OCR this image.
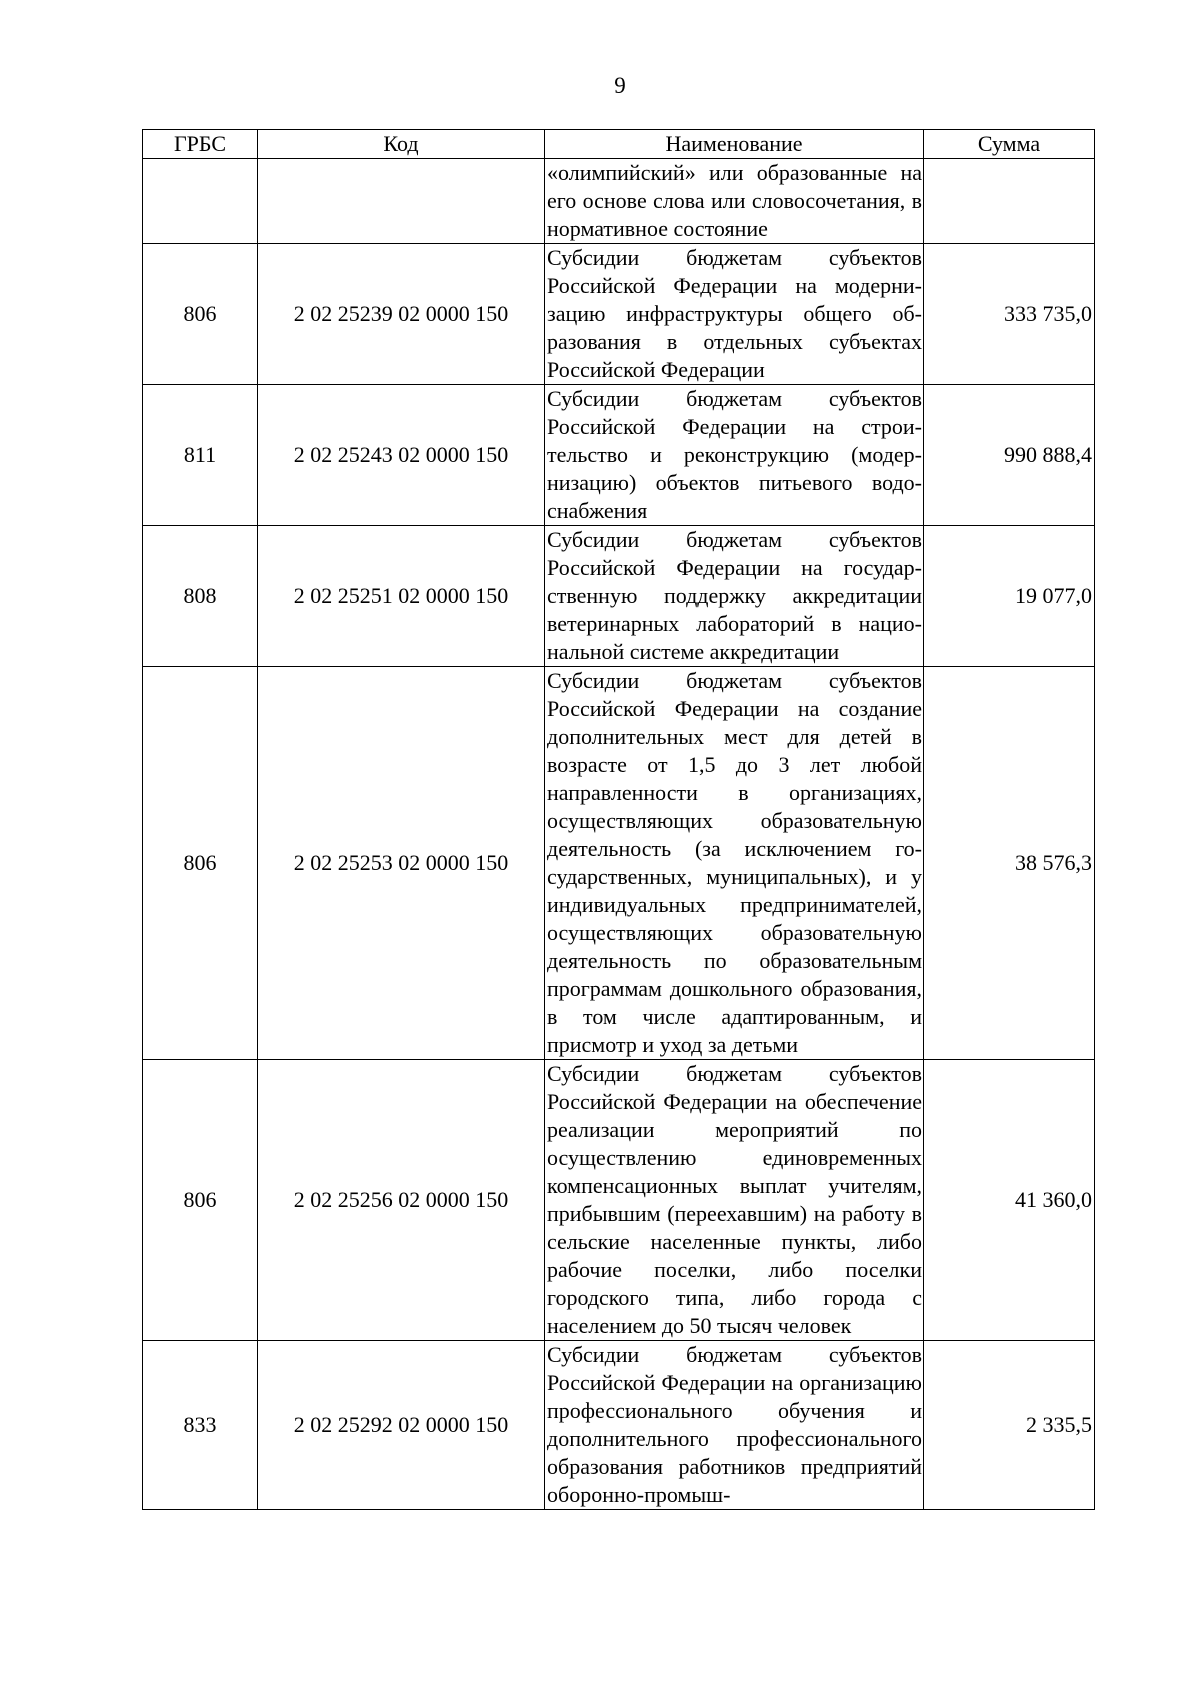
9
ГРБС	Код	Наименование	Сумма
		«олимпийский» или образованные на его основе слова или словосочетания, в нормативное состояние	
806	2 02 25239 02 0000 150	Субсидии бюджетам субъектов Российской Федерации на модернизацию инфраструктуры общего образования в отдельных субъектах Российской Федерации	333 735,0
811	2 02 25243 02 0000 150	Субсидии бюджетам субъектов Российской Федерации на строительство и реконструкцию (модернизацию) объектов питьевого водоснабжения	990 888,4
808	2 02 25251 02 0000 150	Субсидии бюджетам субъектов Российской Федерации на государственную поддержку аккредитации ветеринарных лабораторий в национальной системе аккредитации	19 077,0
806	2 02 25253 02 0000 150	Субсидии бюджетам субъектов Российской Федерации на создание дополнительных мест для детей в возрасте от 1,5 до 3 лет любой направленности в организациях, осуществляющих образовательную деятельность (за исключением государственных, муниципальных), и у индивидуальных предпринимателей, осуществляющих образовательную деятельность по образовательным программам дошкольного образования, в том числе адаптированным, и присмотр и уход за детьми	38 576,3
806	2 02 25256 02 0000 150	Субсидии бюджетам субъектов Российской Федерации на обеспечение реализации мероприятий по осуществлению единовременных компенсационных выплат учителям, прибывшим (переехавшим) на работу в сельские населенные пункты, либо рабочие поселки, либо поселки городского типа, либо города с населением до 50 тысяч человек	41 360,0
833	2 02 25292 02 0000 150	Субсидии бюджетам субъектов Российской Федерации на организацию профессионального обучения и дополнительного профессионального образования работников предприятий оборонно-промыш-	2 335,5
